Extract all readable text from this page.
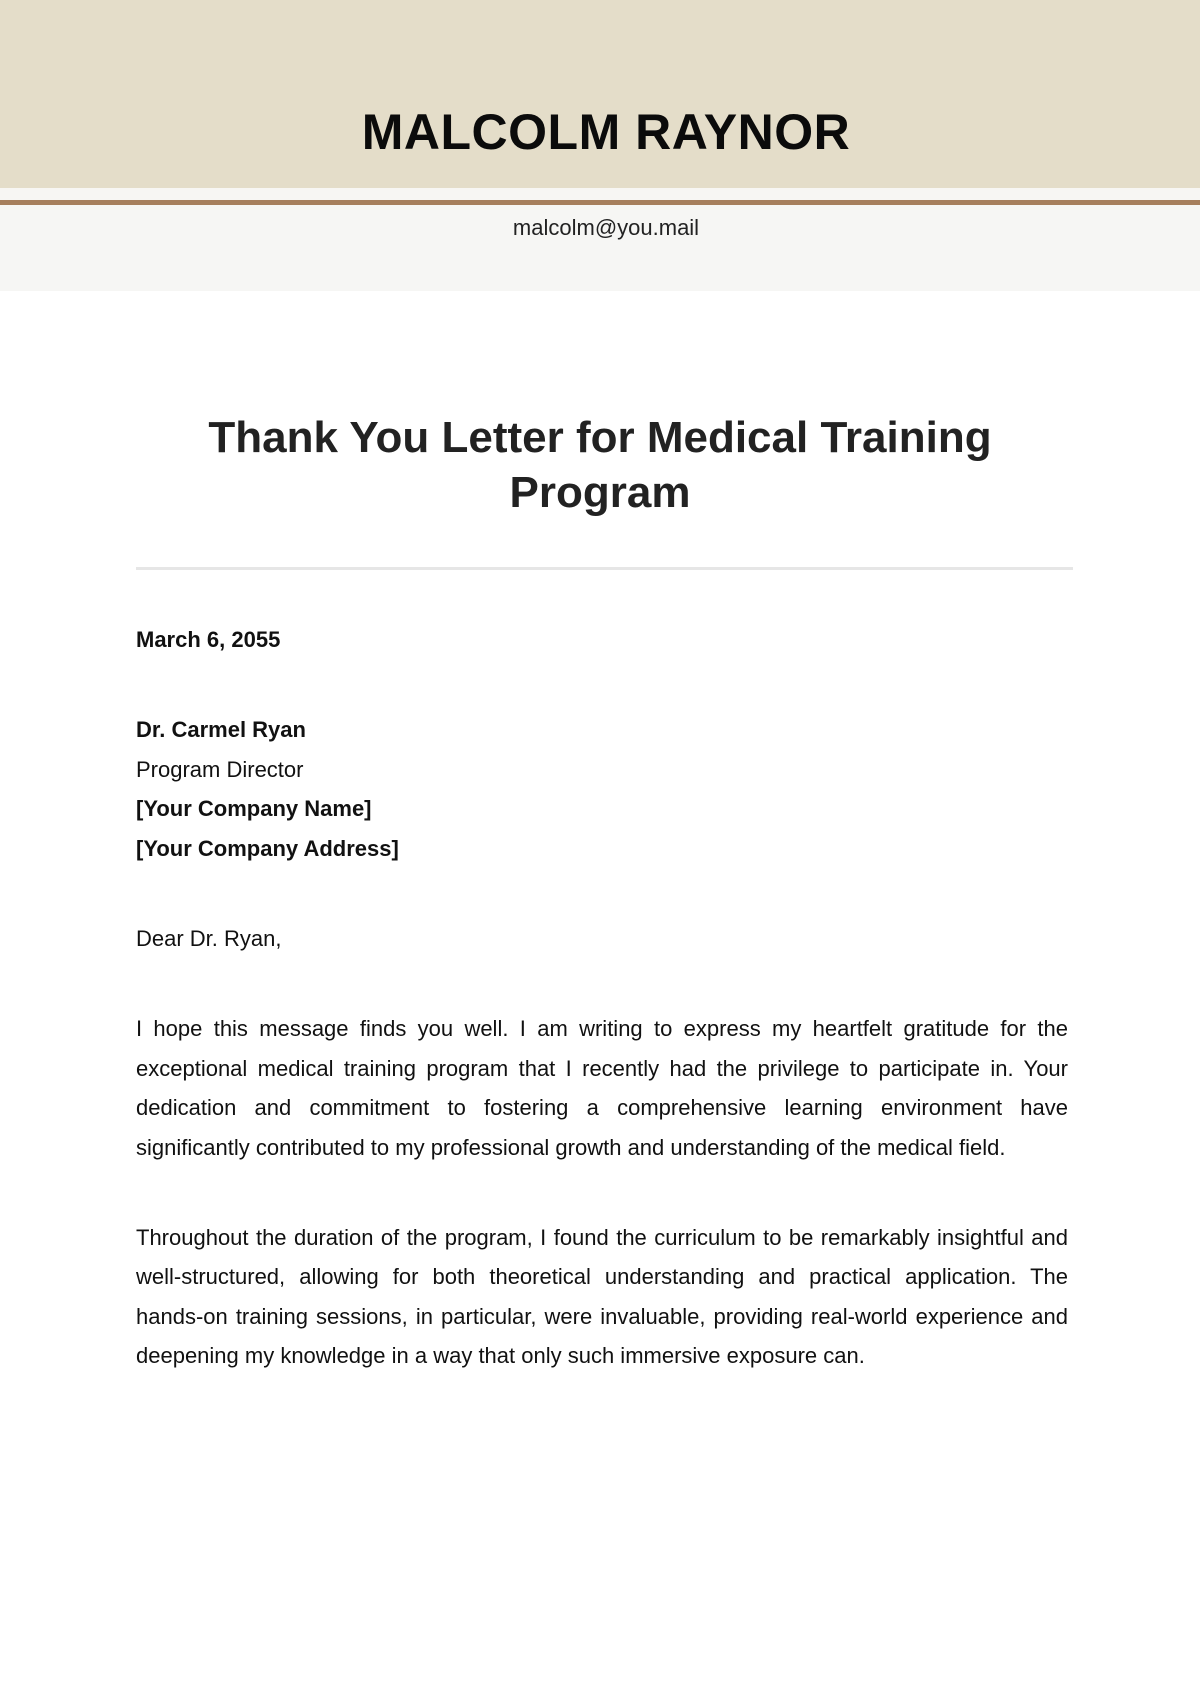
MALCOLM RAYNOR
malcolm@you.mail
Thank You Letter for Medical Training Program

March 6, 2055

Dr. Carmel Ryan
Program Director
[Your Company Name]
[Your Company Address]

Dear Dr. Ryan,

I hope this message finds you well. I am writing to express my heartfelt gratitude for the exceptional medical training program that I recently had the privilege to participate in. Your dedication and commitment to fostering a comprehensive learning environment have significantly contributed to my professional growth and understanding of the medical field.

Throughout the duration of the program, I found the curriculum to be remarkably insightful and well-structured, allowing for both theoretical understanding and practical application. The hands-on training sessions, in particular, were invaluable, providing real-world experience and deepening my knowledge in a way that only such immersive exposure can.
